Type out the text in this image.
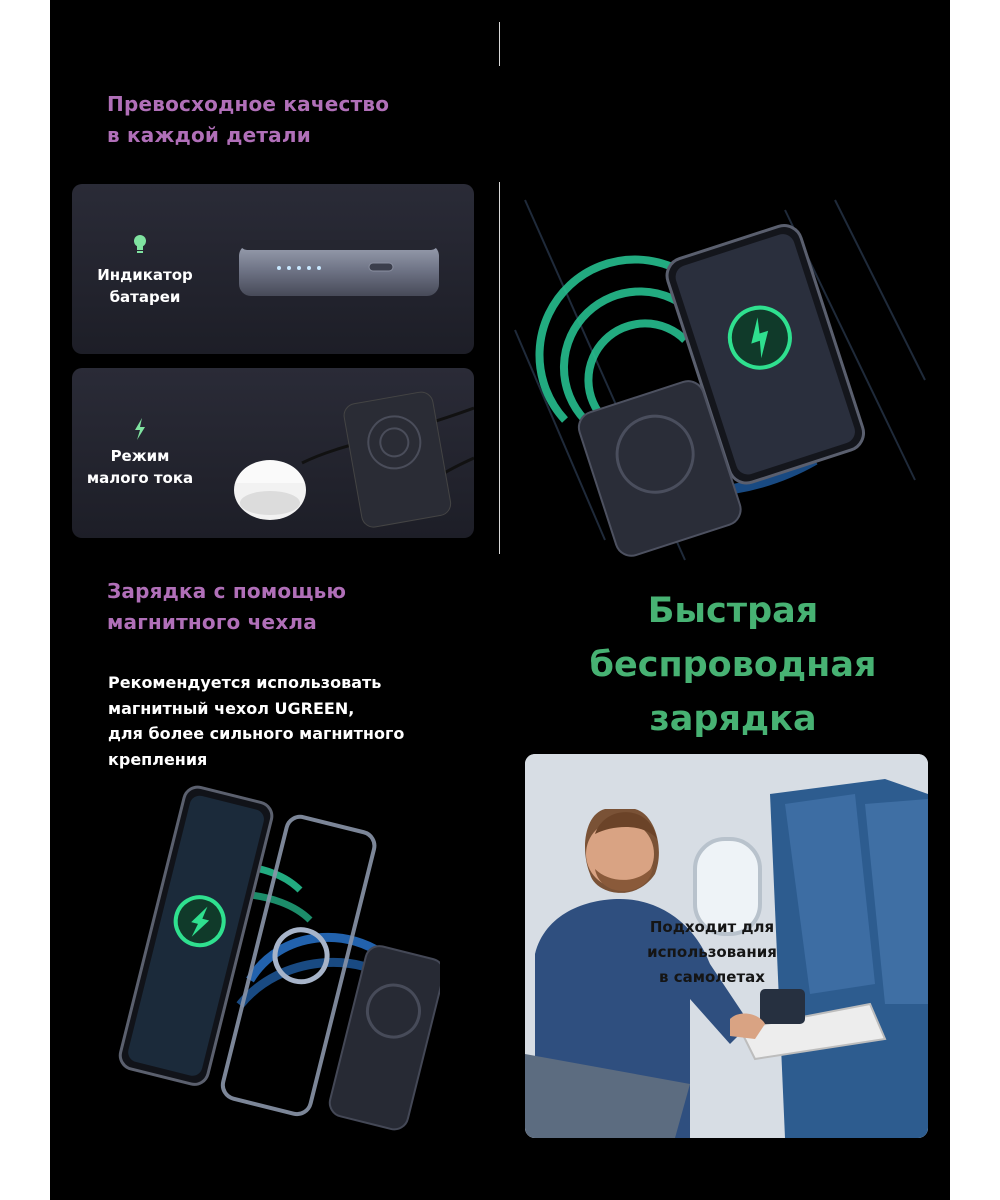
Превосходное качество
в каждой детали
Индикатор
батареи
Режим
малого тока
Зарядка с помощью
магнитного чехла
Рекомендуется использовать
магнитный чехол UGREEN,
для более сильного магнитного
крепления
Быстрая
беспроводная
зарядка
Подходит для
использования
в самолетах
